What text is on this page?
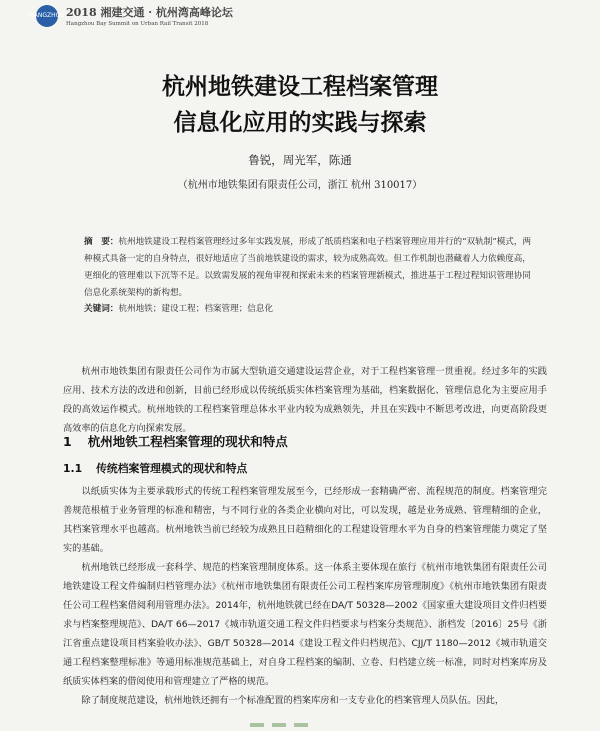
HANGZHOU 2018 湘建交通 · 杭州湾高峰论坛
Hangzhou Bay Summit on Urban Rail Transit 2018
杭州地铁建设工程档案管理
信息化应用的实践与探索
鲁锐，周光军，陈通
（杭州市地铁集团有限责任公司，浙江 杭州 310017）
摘　要：杭州地铁建设工程档案管理经过多年实践发展，形成了纸质档案和电子档案管理应用并行的“双轨制”模式，两种模式具备一定的自身特点，很好地适应了当前地铁建设的需求，较为成熟高效。但工作机制也潜藏着人力依赖度高，更细化的管理难以下沉等不足。以致需发展的视角审视和探索未来的档案管理新模式，推进基于工程过程知识管理协同信息化系统架构的新构想。
关键词：杭州地铁；建设工程；档案管理；信息化
杭州市地铁集团有限责任公司作为市属大型轨道交通建设运营企业，对于工程档案管理一贯重视。经过多年的实践应用、技术方法的改进和创新，目前已经形成以传统纸质实体档案管理为基础，档案数据化、管理信息化为主要应用手段的高效运作模式。杭州地铁的工程档案管理总体水平业内较为成熟领先，并且在实践中不断思考改进，向更高阶段更高效率的信息化方向探索发展。
1 杭州地铁工程档案管理的现状和特点
1.1 传统档案管理模式的现状和特点
以纸质实体为主要承载形式的传统工程档案管理发展至今，已经形成一套精确严密、流程规范的制度。档案管理完善规范根植于业务管理的标准和精密，与不同行业的各类企业横向对比，可以发现，越是业务成熟、管理精细的企业，其档案管理水平也越高。杭州地铁当前已经较为成熟且日趋精细化的工程建设管理水平为自身的档案管理能力奠定了坚实的基础。
杭州地铁已经形成一套科学、规范的档案管理制度体系。这一体系主要体现在旅行《杭州市地铁集团有限责任公司地铁建设工程文件编制归档管理办法》《杭州市地铁集团有限责任公司工程档案库房管理制度》《杭州市地铁集团有限责任公司工程档案借阅利用管理办法》。2014年，杭州地铁就已经在DA/T 50328—2002《国家重大建设项目文件归档要求与档案整理规范》、DA/T 66—2017《城市轨道交通工程文件归档要求与档案分类规范》、浙档发〔2016〕25号《浙江省重点建设项目档案验收办法》、GB/T 50328—2014《建设工程文件归档规范》、CJJ/T 1180—2012《城市轨道交通工程档案整理标准》等通用标准规范基础上，对自身工程档案的编制、立卷、归档建立统一标准，同时对档案库房及纸质实体档案的借阅使用和管理建立了严格的规范。
除了制度规范建设，杭州地铁还拥有一个标准配置的档案库房和一支专业化的档案管理人员队伍。因此，
